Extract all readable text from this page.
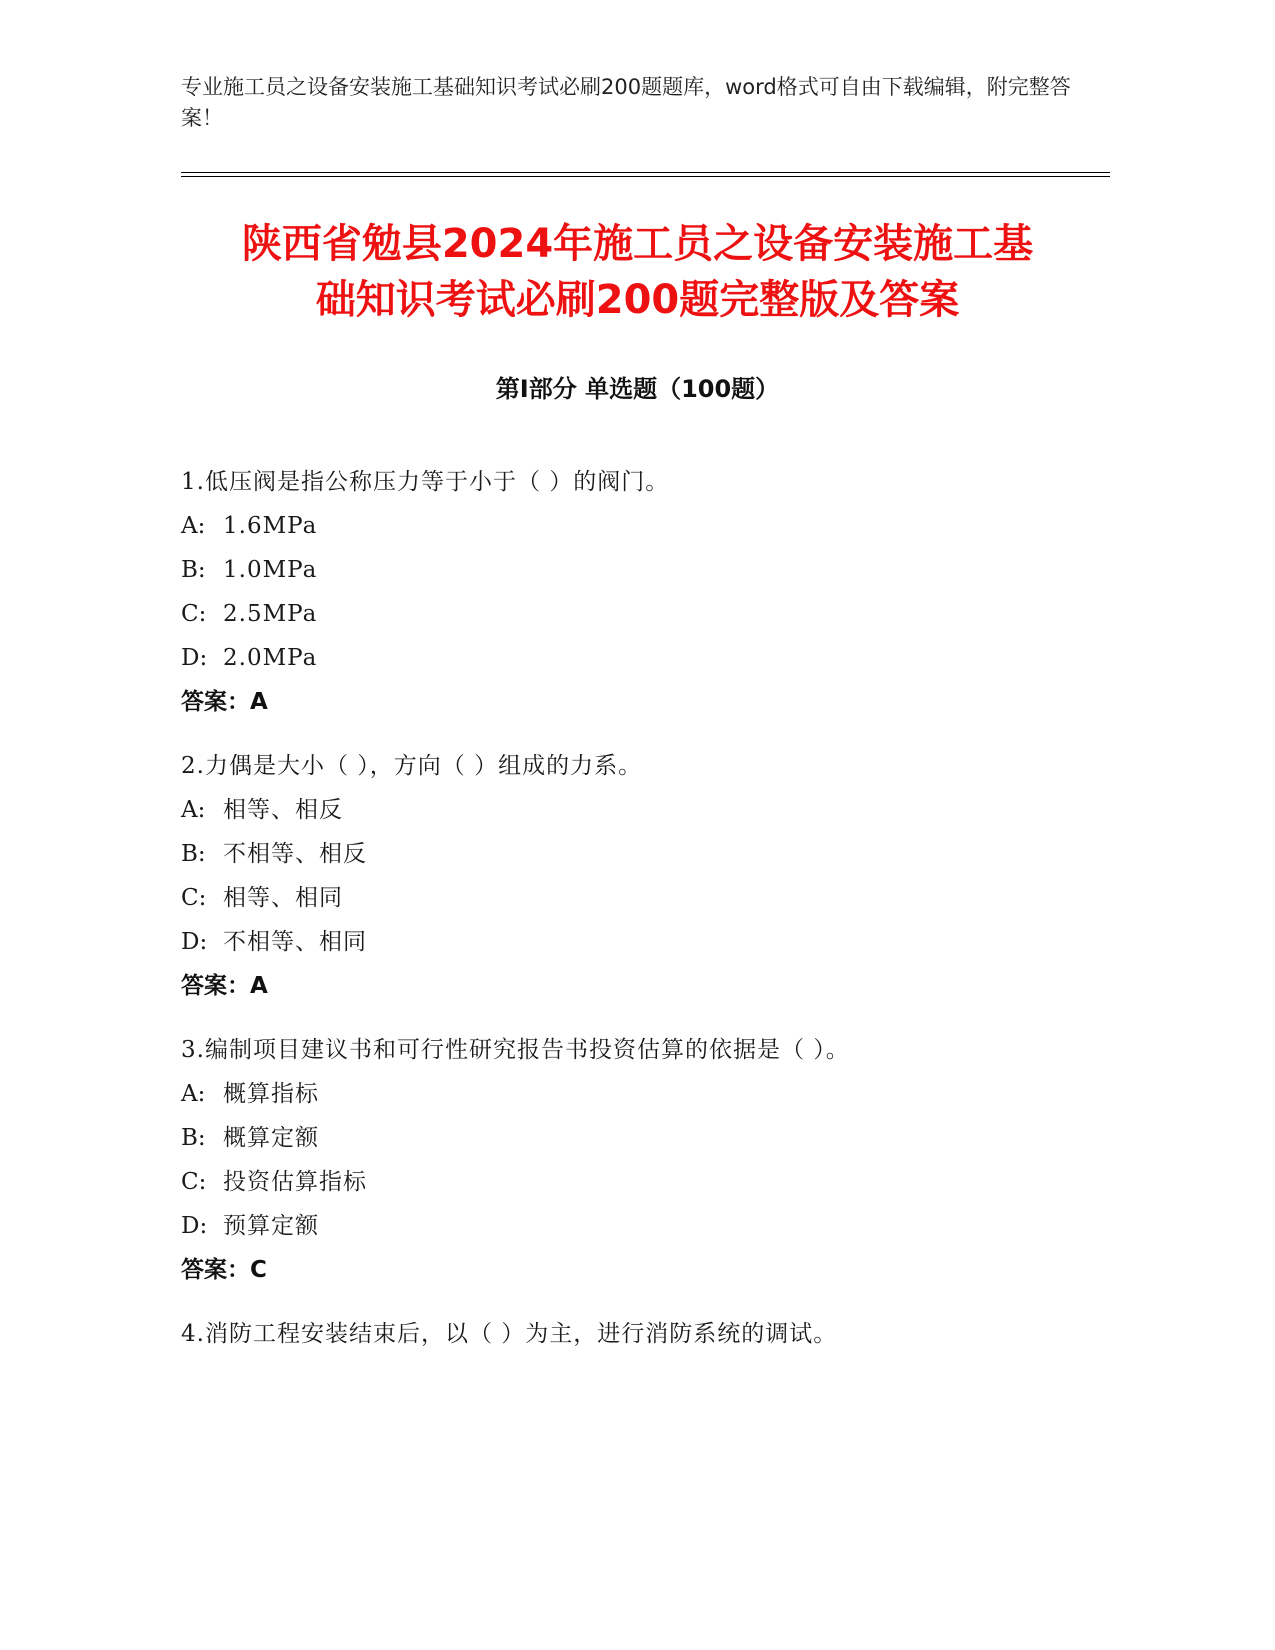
专业施工员之设备安装施工基础知识考试必刷200题题库，word格式可自由下载编辑，附完整答案！

陕西省勉县2024年施工员之设备安装施工基
础知识考试必刷200题完整版及答案
第Ⅰ部分 单选题（100题）
1.低压阀是指公称压力等于小于（ ）的阀门。
A: 1.6MPa
B: 1.0MPa
C: 2.5MPa
D: 2.0MPa
答案：A
2.力偶是大小（ ），方向（ ）组成的力系。
A: 相等、相反
B: 不相等、相反
C: 相等、相同
D: 不相等、相同
答案：A
3.编制项目建议书和可行性研究报告书投资估算的依据是（ ）。
A: 概算指标
B: 概算定额
C: 投资估算指标
D: 预算定额
答案：C
4.消防工程安装结束后，以（ ）为主，进行消防系统的调试。
